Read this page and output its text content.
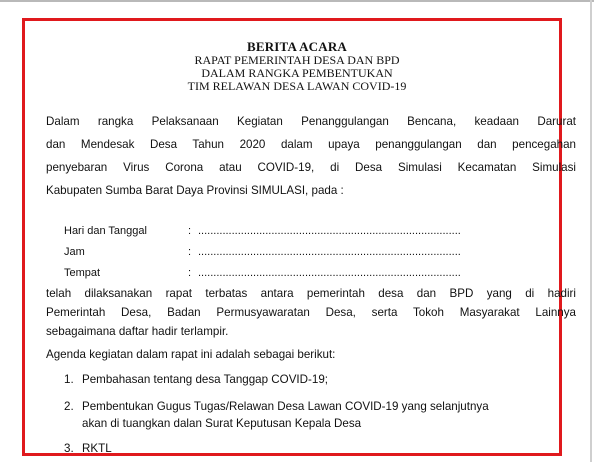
BERITA ACARA
RAPAT PEMERINTAH DESA DAN BPD
DALAM RANGKA PEMBENTUKAN
TIM RELAWAN DESA LAWAN COVID-19
Dalam rangka Pelaksanaan Kegiatan Penanggulangan Bencana, keadaan Darurat
dan Mendesak Desa Tahun 2020 dalam upaya penanggulangan dan pencegahan
penyebaran Virus Corona atau COVID-19, di Desa Simulasi Kecamatan Simulasi
Kabupaten Sumba Barat Daya Provinsi SIMULASI, pada :
Hari dan Tanggal	: ......................................................................................
Jam	: ......................................................................................
Tempat	: ......................................................................................
telah dilaksanakan rapat terbatas antara pemerintah desa dan BPD yang di hadiri
Pemerintah Desa, Badan Permusyawaratan Desa, serta Tokoh Masyarakat Lainnya
sebagaimana daftar hadir terlampir.
Agenda kegiatan dalam rapat ini adalah sebagai berikut:
1. Pembahasan tentang desa Tanggap COVID-19;
2. Pembentukan Gugus Tugas/Relawan Desa Lawan COVID-19 yang selanjutnya
akan di tuangkan dalan Surat Keputusan Kepala Desa
3. RKTL
